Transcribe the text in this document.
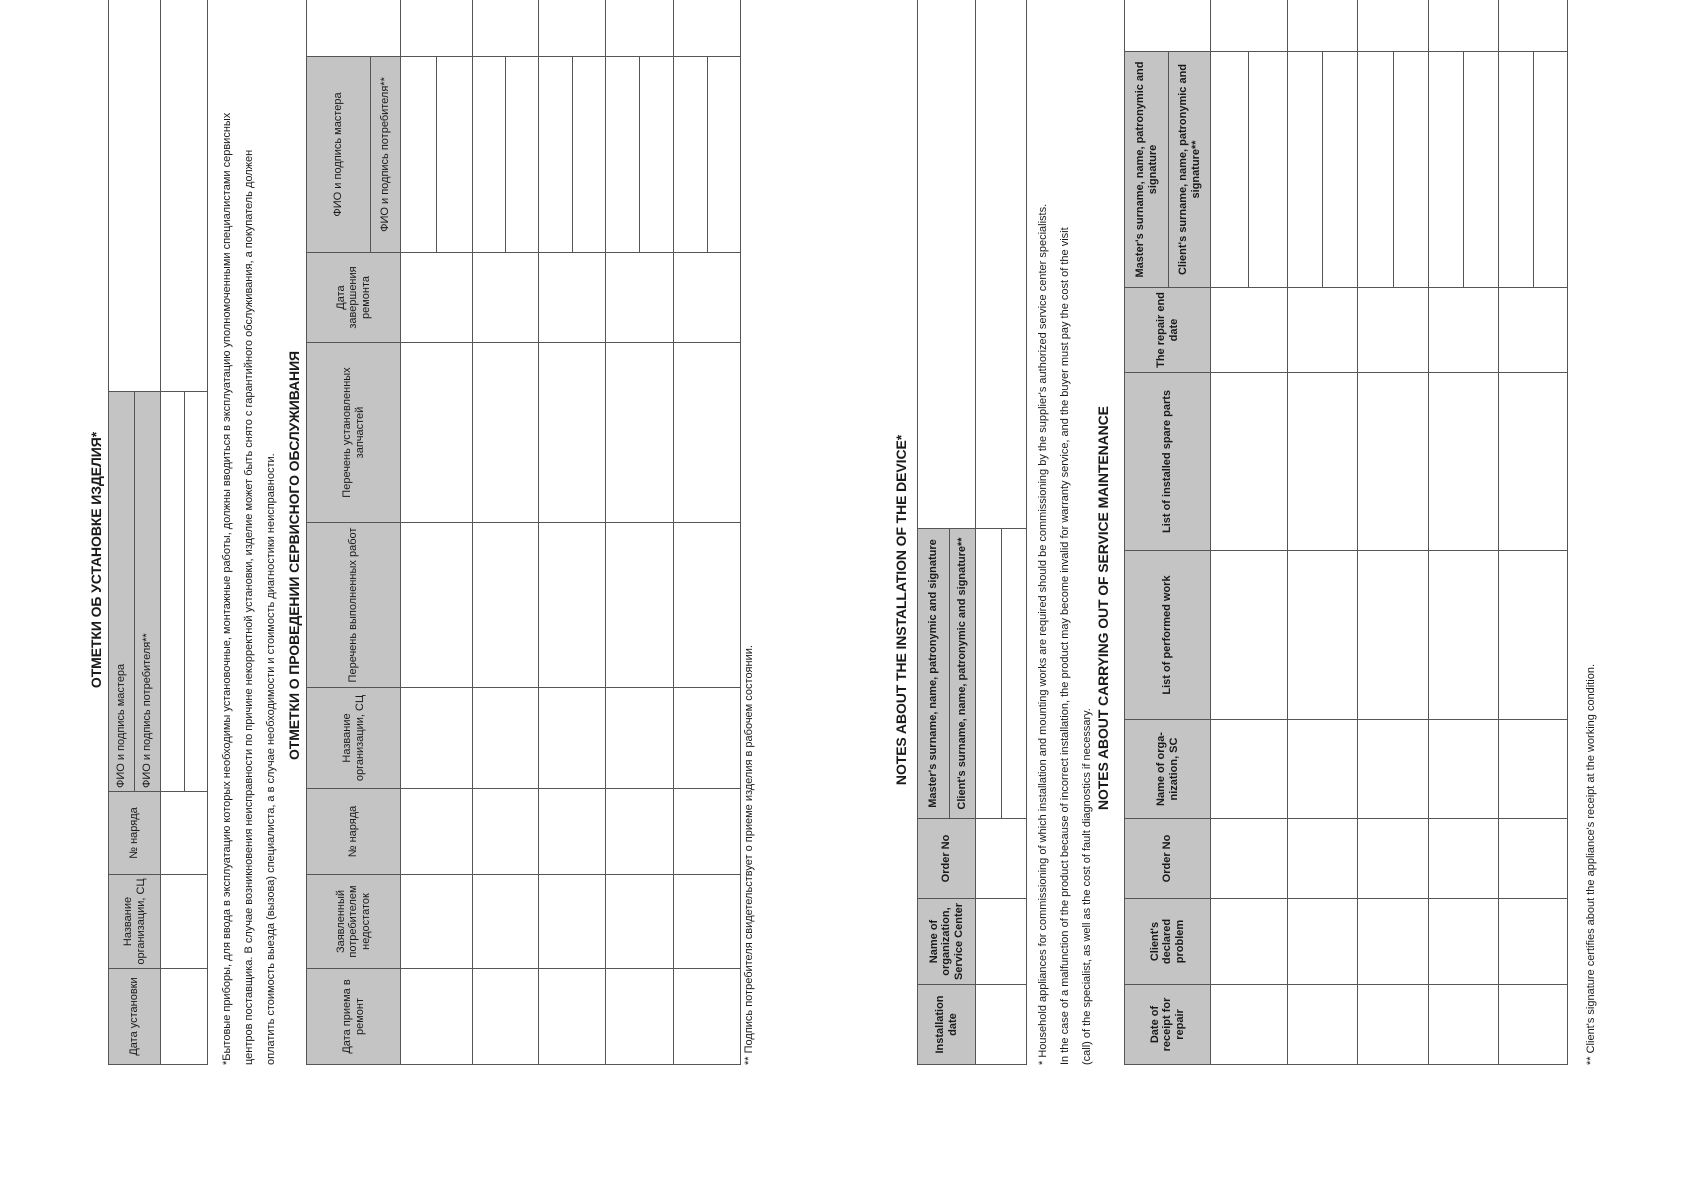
ОТМЕТКИ ОБ УСТАНОВКЕ ИЗДЕЛИЯ*
Дата установки	Название организации, СЦ	№ наряда	ФИО и подпись мастера	
			ФИО и подпись потребителя**	
					*Бытовые приборы, для ввода в эксплуатацию которых необходимы установочные, монтажные работы, должны вводиться в эксплуатацию уполномоченными специалистами сервисных центров поставщика. В случае возникновения неисправности по причине некорректной установки, изделие может быть снято с гарантийного обслуживания, а покупатель должен оплатить стоимость выезда (вызова) специалиста, а в случае необходимости и стоимость диагностики неисправности. ОТМЕТКИ О ПРОВЕДЕНИИ СЕРВИСНОГО ОБСЛУЖИВАНИЯ
Дата приема в ремонт	Заявленный потребителем недостаток	№ наряда	Название организации, СЦ	Перечень выполненных работ	Перечень установленных запчастей	Дата завершения ремонта	ФИО и подпись мастера	
							ФИО и подпись потребителя**	

** Подпись потребителя свидетельствует о приеме изделия в рабочем состоянии.
NOTES ABOUT THE INSTALLATION OF THE DEVICE*
Installation date	Name of organization, Service Center	Order No	Master's surname, name, patronymic and signature	
			Client's surname, name, patronymic and signature**	
					* Household appliances for commissioning of which installation and mounting works are required should be commissioning by the supplier's authorized service center specialists. In the case of a malfunction of the product because of incorrect installation, the product may become invalid for warranty service, and the buyer must pay the cost of the visit (call) of the specialist, as well as the cost of fault diagnostics if necessary.
NOTES ABOUT CARRYING OUT OF SERVICE MAINTENANCE
Date of receipt for repair	Client's declared problem	Order No	Name of orga-nization, SC	List of performed work	List of installed spare parts	The repair end date	Master's surname, name, patronymic and signature	
							Client's surname, name, patronymic and signature**	

** Client's signature certifies about the appliance's receipt at the working condition.
